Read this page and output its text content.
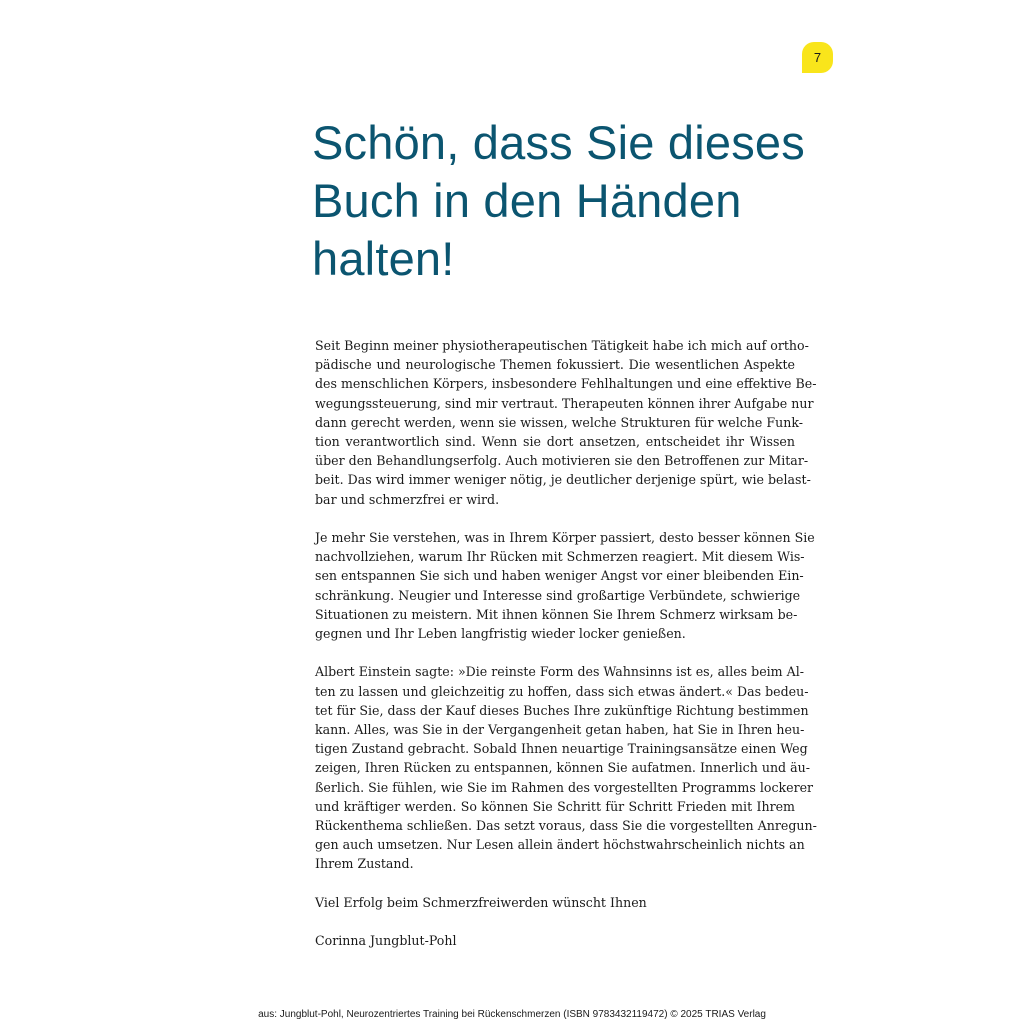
7
Schön, dass Sie dieses Buch in den Händen halten!

Seit Beginn meiner physiotherapeutischen Tätigkeit habe ich mich auf ortho-
pädische und neurologische Themen fokussiert. Die wesentlichen Aspekte
des menschlichen Körpers, insbesondere Fehlhaltungen und eine effektive Be-
wegungssteuerung, sind mir vertraut. Therapeuten können ihrer Aufgabe nur
dann gerecht werden, wenn sie wissen, welche Strukturen für welche Funk-
tion verantwortlich sind. Wenn sie dort ansetzen, entscheidet ihr Wissen
über den Behandlungserfolg. Auch motivieren sie den Betroffenen zur Mitar-
beit. Das wird immer weniger nötig, je deutlicher derjenige spürt, wie belast-
bar und schmerzfrei er wird.

Je mehr Sie verstehen, was in Ihrem Körper passiert, desto besser können Sie
nachvollziehen, warum Ihr Rücken mit Schmerzen reagiert. Mit diesem Wis-
sen entspannen Sie sich und haben weniger Angst vor einer bleibenden Ein-
schränkung. Neugier und Interesse sind großartige Verbündete, schwierige
Situationen zu meistern. Mit ihnen können Sie Ihrem Schmerz wirksam be-
gegnen und Ihr Leben langfristig wieder locker genießen.

Albert Einstein sagte: »Die reinste Form des Wahnsinns ist es, alles beim Al-
ten zu lassen und gleichzeitig zu hoffen, dass sich etwas ändert.« Das bedeu-
tet für Sie, dass der Kauf dieses Buches Ihre zukünftige Richtung bestimmen
kann. Alles, was Sie in der Vergangenheit getan haben, hat Sie in Ihren heu-
tigen Zustand gebracht. Sobald Ihnen neuartige Trainingsansätze einen Weg
zeigen, Ihren Rücken zu entspannen, können Sie aufatmen. Innerlich und äu-
ßerlich. Sie fühlen, wie Sie im Rahmen des vorgestellten Programms lockerer
und kräftiger werden. So können Sie Schritt für Schritt Frieden mit Ihrem
Rückenthema schließen. Das setzt voraus, dass Sie die vorgestellten Anregun-
gen auch umsetzen. Nur Lesen allein ändert höchstwahrscheinlich nichts an
Ihrem Zustand.

Viel Erfolg beim Schmerzfreiwerden wünscht Ihnen

Corinna Jungblut-Pohl

aus: Jungblut-Pohl, Neurozentriertes Training bei Rückenschmerzen (ISBN 9783432119472) © 2025 TRIAS Verlag
